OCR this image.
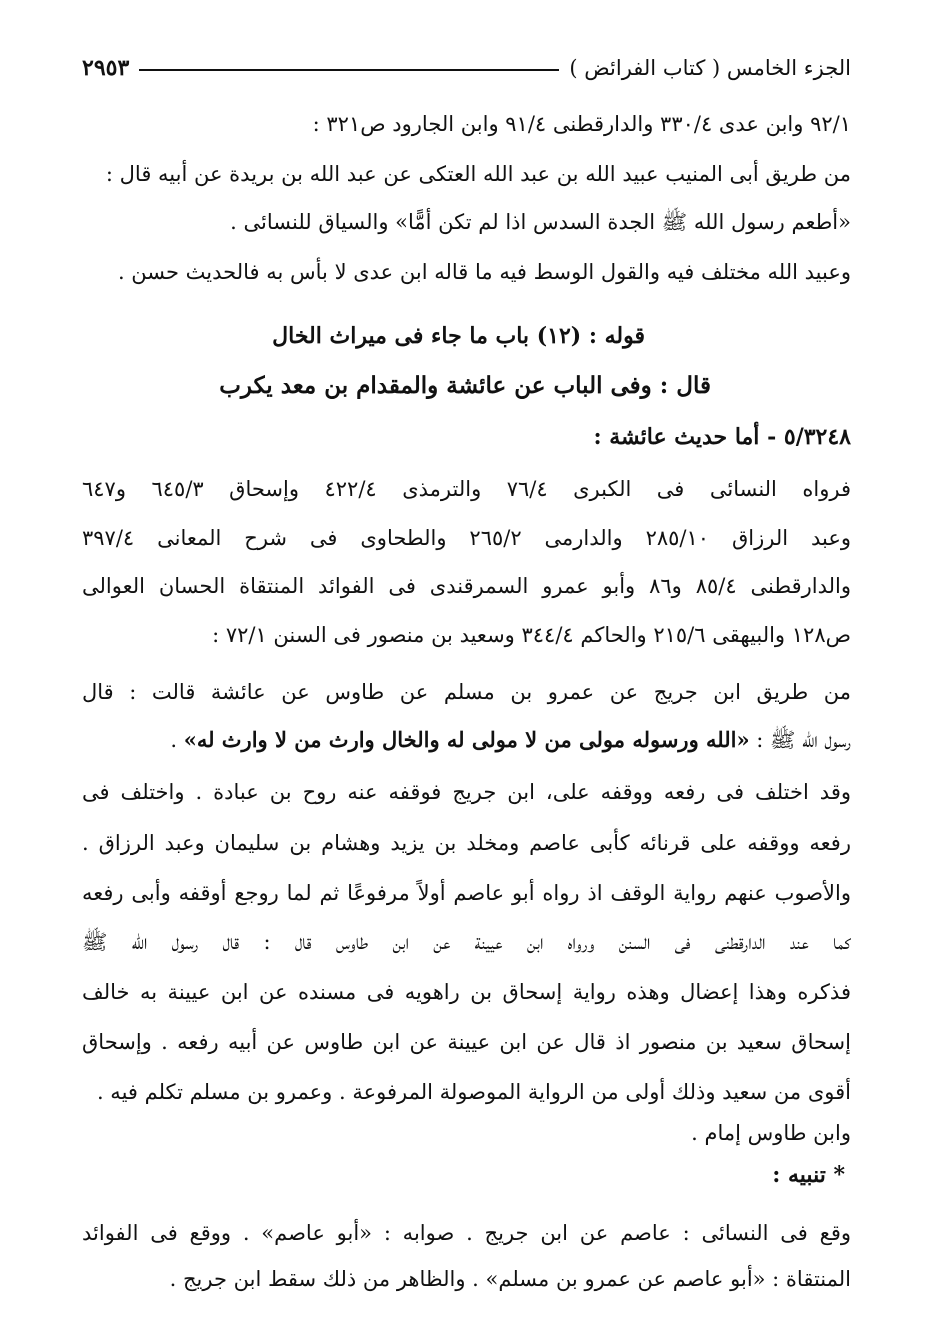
الجزء الخامس ( كتاب الفرائض )
٢٩٥٣
٩٢/١ وابن عدى ٣٣٠/٤ والدارقطنى ٩١/٤ وابن الجارود ص٣٢١ :
من طريق أبى المنيب عبيد الله بن عبد الله العتكى عن عبد الله بن بريدة عن أبيه قال :
«أطعم رسول الله ﷺ الجدة السدس اذا لم تكن أمًّا» والسياق للنسائى .
وعبيد الله مختلف فيه والقول الوسط فيه ما قاله ابن عدى لا بأس به فالحديث حسن .
قوله : (١٢) باب ما جاء فى ميراث الخال
قال : وفى الباب عن عائشة والمقدام بن معد يكرب
٥/٣٢٤٨ - أما حديث عائشة :
فرواه النسائى فى الكبرى ٧٦/٤ والترمذى ٤٢٢/٤ وإسحاق ٦٤٥/٣ و٦٤٧
وعبد الرزاق ٢٨٥/١٠ والدارمى ٢٦٥/٢ والطحاوى فى شرح المعانى ٣٩٧/٤
والدارقطنى ٨٥/٤ و٨٦ وأبو عمرو السمرقندى فى الفوائد المنتقاة الحسان العوالى
ص١٢٨ والبيهقى ٢١٥/٦ والحاكم ٣٤٤/٤ وسعيد بن منصور فى السنن ٧٢/١ :
من طريق ابن جريج عن عمرو بن مسلم عن طاوس عن عائشة قالت : قال
رسول الله ﷺ : «الله ورسوله مولى من لا مولى له والخال وارث من لا وارث له» .
وقد اختلف فى رفعه ووقفه على، ابن جريج فوقفه عنه روح بن عبادة . واختلف فى
رفعه ووقفه على قرنائه كأبى عاصم ومخلد بن يزيد وهشام بن سليمان وعبد الرزاق .
والأصوب عنهم رواية الوقف اذ رواه أبو عاصم أولاً مرفوعًا ثم لما روجع أوقفه وأبى رفعه
كما عند الدارقطنى فى السنن ورواه ابن عيينة عن ابن طاوس قال : قال رسول الله ﷺ
فذكره وهذا إعضال وهذه رواية إسحاق بن راهويه فى مسنده عن ابن عيينة به خالف
إسحاق سعيد بن منصور اذ قال عن ابن عيينة عن ابن طاوس عن أبيه رفعه . وإسحاق
أقوى من سعيد وذلك أولى من الرواية الموصولة المرفوعة . وعمرو بن مسلم تكلم فيه .
وابن طاوس إمام .
* تنبيه :
وقع فى النسائى : عاصم عن ابن جريج . صوابه : «أبو عاصم» . ووقع فى الفوائد
المنتقاة : «أبو عاصم عن عمرو بن مسلم» . والظاهر من ذلك سقط ابن جريج .
